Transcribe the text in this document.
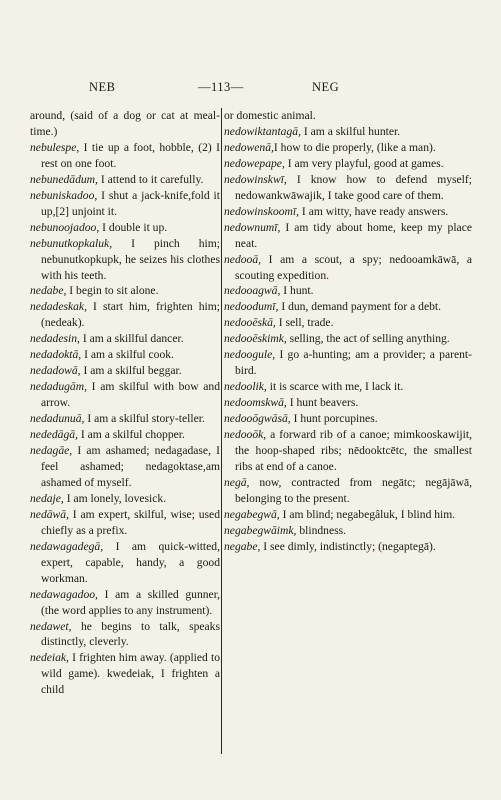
NEB	—113—	NEG

around, (said of a dog or cat at meal-time.)

nebulespe, I tie up a foot, hobble, (2) I rest on one foot.

nebunedādum, I attend to it carefully.

nebuniskadoo, I shut a jack-knife,fold it up,[2] unjoint it.

nebunoojadoo, I double it up.

nebunutkopkaluk, I pinch him; nebunutkopkupk, he seizes his clothes with his teeth.

nedabe, I begin to sit alone.

nedadeskak, I start him, frighten him; (nedeak).

nedadesin, I am a skillful dancer.

nedadoktā, I am a skilful cook.

nedadowā, I am a skilful beggar.

nedadugām, I am skilful with bow and arrow.

nedadunuā, I am a skilful story-teller.

nededāgā, I am a skilful chopper.

nedagāe, I am ashamed; nedagadase, I feel ashamed; nedagoktase,am ashamed of myself.

nedaje, I am lonely, lovesick.

nedāwā, I am expert, skilful, wise; used chiefly as a prefix.

nedawagadegā, I am quick-witted, expert, capable, handy, a good workman.

nedawagadoo, I am a skilled gunner, (the word applies to any instrument).

nedawet, he begins to talk, speaks distinctly, cleverly.

nedeiak, I frighten him away. (applied to wild game). kwedeiak, I frighten a child

or domestic animal.

nedowiktantagā, I am a skilful hunter.

nedowenā,I how to die properly, (like a man).

nedowepape, I am very playful, good at games.

nedowinskwī, I know how to defend myself; nedowankwāwajik, I take good care of them.

nedowinskoomī, I am witty, have ready answers.

nedownumī, I am tidy about home, keep my place neat.

nedooā, I am a scout, a spy; nedooamkāwā, a scouting expedition.

nedooagwā, I hunt.

nedoodumī, I dun, demand payment for a debt.

nedooēskā, I sell, trade.

nedooēskimk, selling, the act of selling anything.

nedoogule, I go a-hunting; am a provider; a parent-bird.

nedoolik, it is scarce with me, I lack it.

nedoomskwā, I hunt beavers.

nedooōgwāsā, I hunt porcupines.

nedooōk, a forward rib of a canoe; mimkooskawijit, the hoop-shaped ribs; nēdooktcētc, the smallest ribs at end of a canoe.

negā, now, contracted from negātc; negājāwā, belonging to the present.

negabegwā, I am blind; negabegâluk, I blind him.

negabegwāimk, blindness.

negabe, I see dimly, indistinctly; (negaptegā).
